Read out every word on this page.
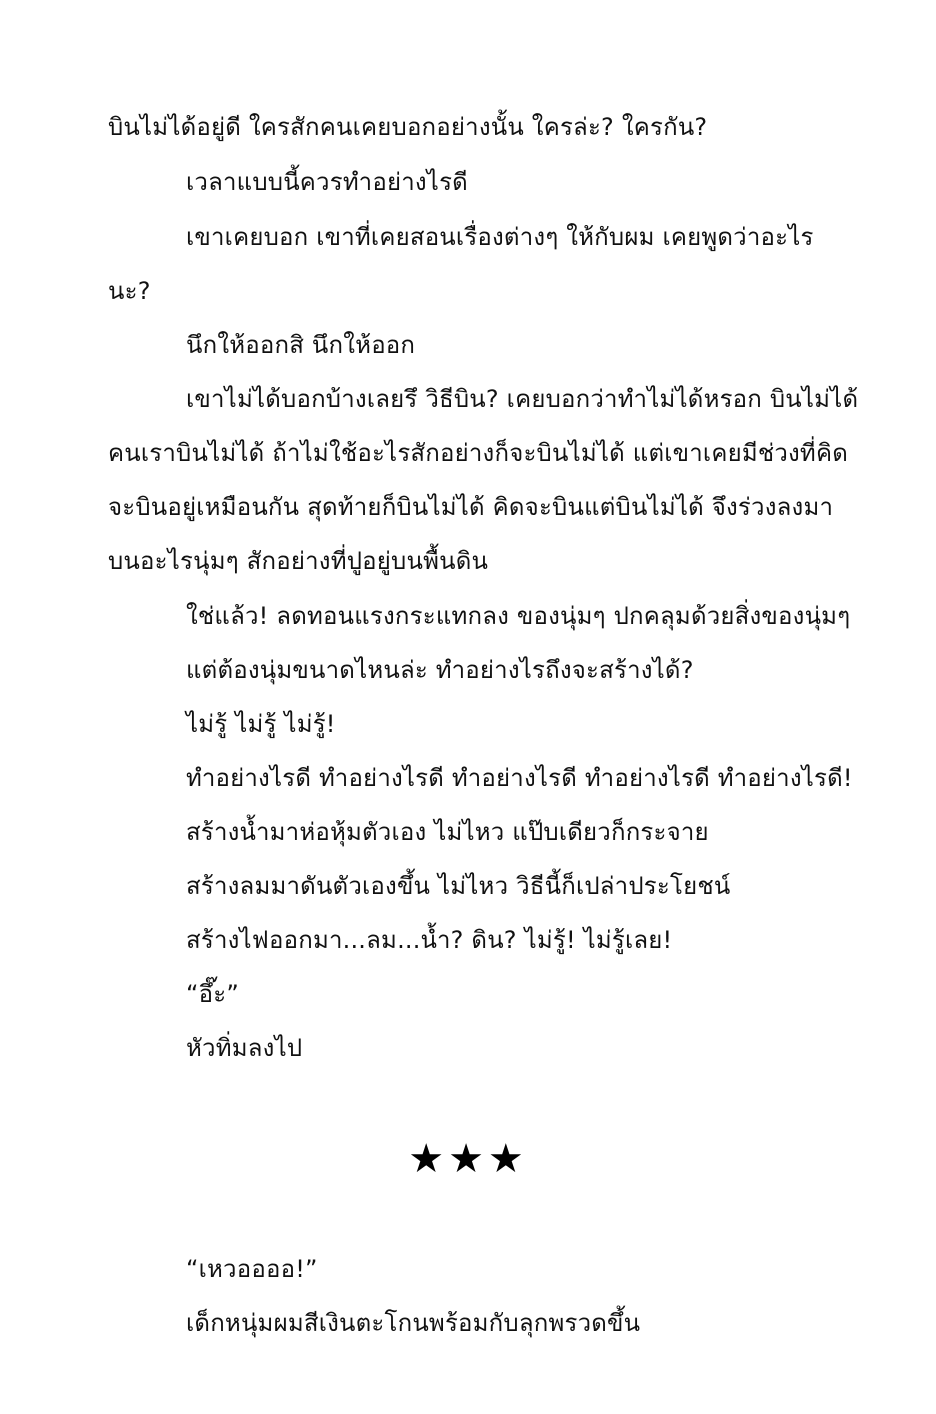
บินไม่ได้อยู่ดี ใครสักคนเคยบอกอย่างนั้น ใครล่ะ? ใครกัน?
เวลาแบบนี้ควรทำอย่างไรดี
เขาเคยบอก เขาที่เคยสอนเรื่องต่างๆ ให้กับผม เคยพูดว่าอะไร
นะ?
นึกให้ออกสิ นึกให้ออก
เขาไม่ได้บอกบ้างเลยรึ วิธีบิน? เคยบอกว่าทำไม่ได้หรอก บินไม่ได้
คนเราบินไม่ได้ ถ้าไม่ใช้อะไรสักอย่างก็จะบินไม่ได้ แต่เขาเคยมีช่วงที่คิด
จะบินอยู่เหมือนกัน สุดท้ายก็บินไม่ได้ คิดจะบินแต่บินไม่ได้ จึงร่วงลงมา
บนอะไรนุ่มๆ สักอย่างที่ปูอยู่บนพื้นดิน
ใช่แล้ว! ลดทอนแรงกระแทกลง ของนุ่มๆ ปกคลุมด้วยสิ่งของนุ่มๆ
แต่ต้องนุ่มขนาดไหนล่ะ ทำอย่างไรถึงจะสร้างได้?
ไม่รู้ ไม่รู้ ไม่รู้!
ทำอย่างไรดี ทำอย่างไรดี ทำอย่างไรดี ทำอย่างไรดี ทำอย่างไรดี!
สร้างน้ำมาห่อหุ้มตัวเอง ไม่ไหว แป๊บเดียวก็กระจาย
สร้างลมมาดันตัวเองขึ้น ไม่ไหว วิธีนี้ก็เปล่าประโยชน์
สร้างไฟออกมา...ลม...น้ำ? ดิน? ไม่รู้! ไม่รู้เลย!
“อึ๊ะ”
หัวทิ่มลงไป
★★★
“เหวออออ!”
เด็กหนุ่มผมสีเงินตะโกนพร้อมกับลุกพรวดขึ้น
